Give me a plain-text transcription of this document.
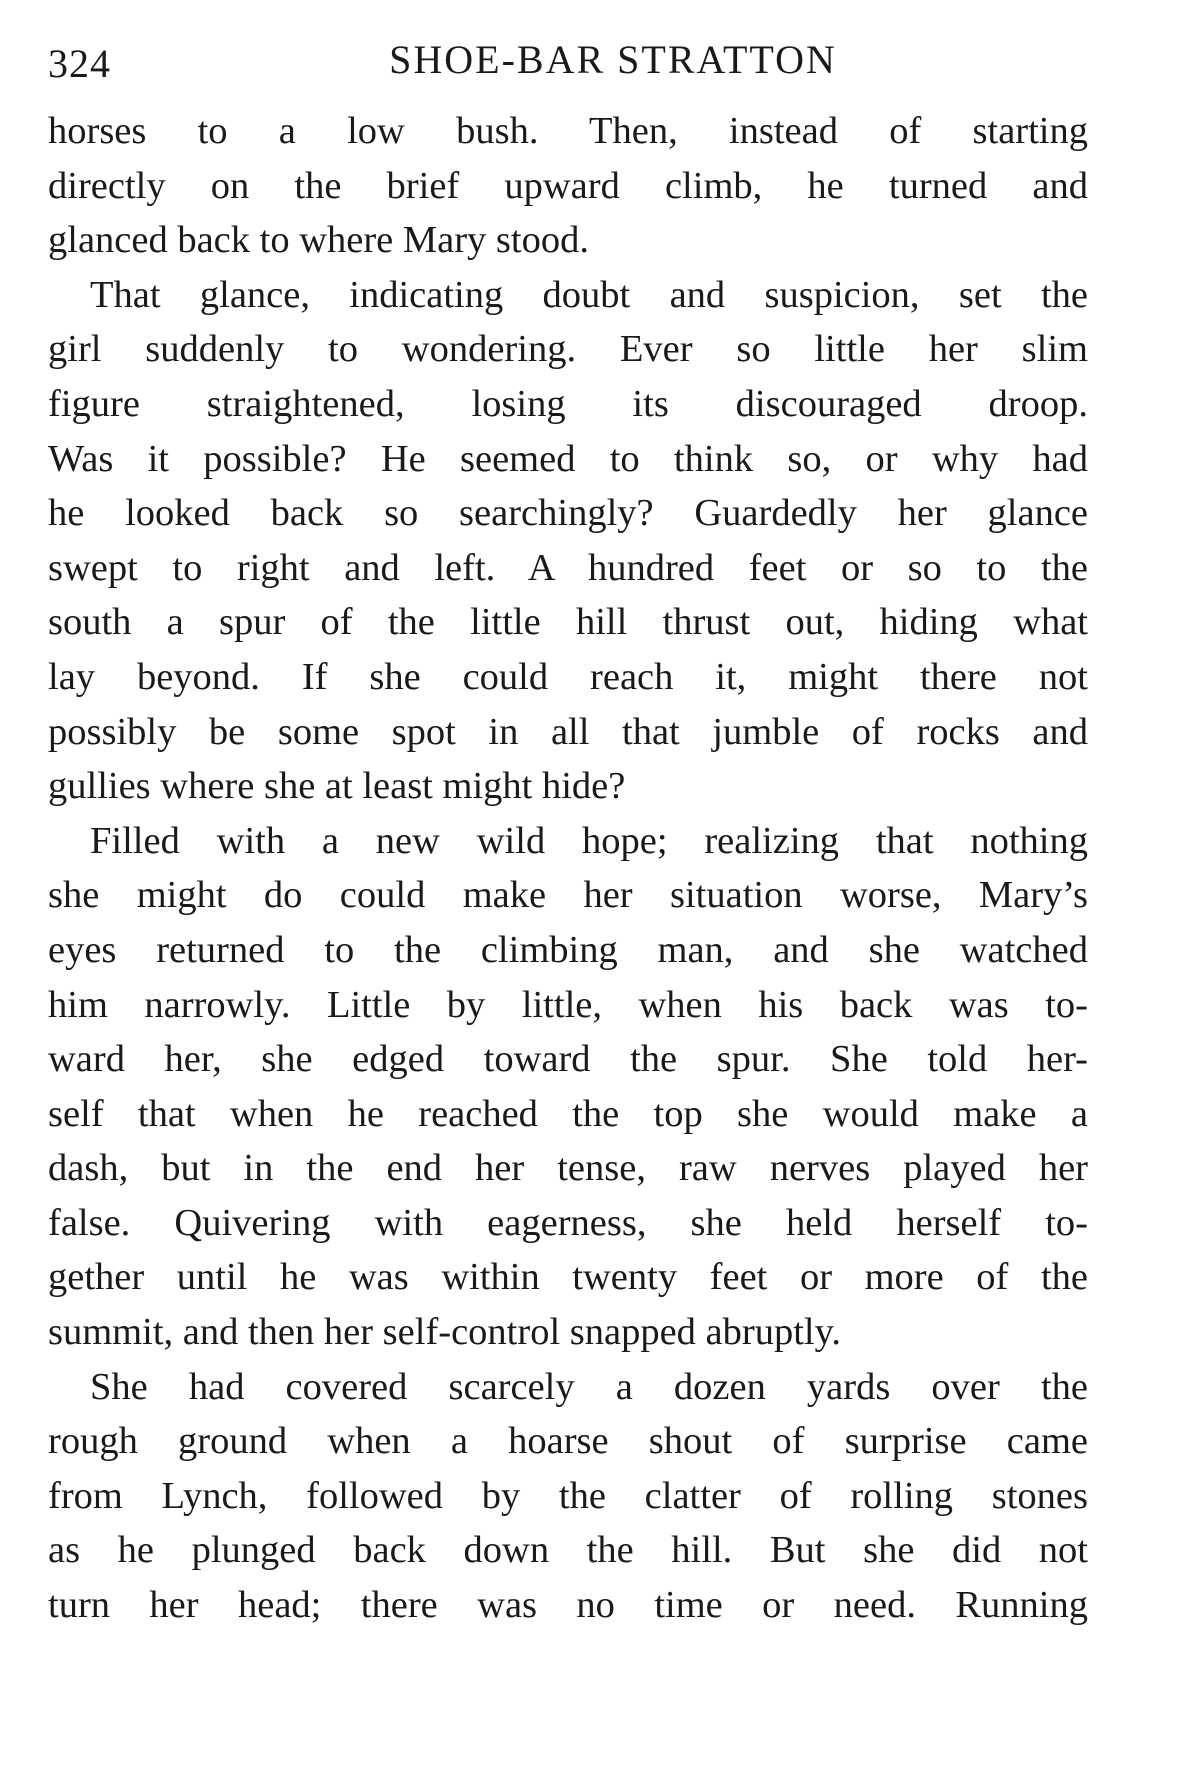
324	SHOE-BAR STRATTON
horses to a low bush. Then, instead of starting
directly on the brief upward climb, he turned and
glanced back to where Mary stood.
That glance, indicating doubt and suspicion, set the
girl suddenly to wondering. Ever so little her slim
figure straightened, losing its discouraged droop.
Was it possible? He seemed to think so, or why had
he looked back so searchingly? Guardedly her glance
swept to right and left. A hundred feet or so to the
south a spur of the little hill thrust out, hiding what
lay beyond. If she could reach it, might there not
possibly be some spot in all that jumble of rocks and
gullies where she at least might hide?
Filled with a new wild hope; realizing that nothing
she might do could make her situation worse, Mary’s
eyes returned to the climbing man, and she watched
him narrowly. Little by little, when his back was to-
ward her, she edged toward the spur. She told her-
self that when he reached the top she would make a
dash, but in the end her tense, raw nerves played her
false. Quivering with eagerness, she held herself to-
gether until he was within twenty feet or more of the
summit, and then her self-control snapped abruptly.
She had covered scarcely a dozen yards over the
rough ground when a hoarse shout of surprise came
from Lynch, followed by the clatter of rolling stones
as he plunged back down the hill. But she did not
turn her head; there was no time or need. Running
